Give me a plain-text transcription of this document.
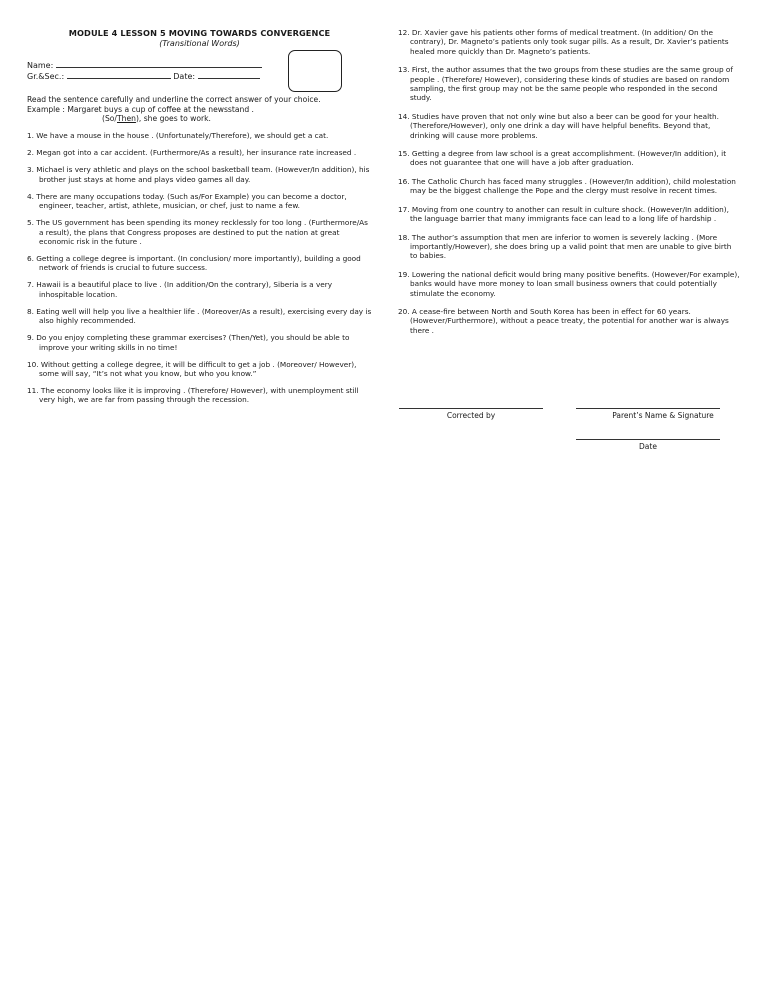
MODULE 4 LESSON 5 MOVING TOWARDS CONVERGENCE
(Transitional Words)
Name:
Gr.&Sec.:	Date:
Read the sentence carefully and underline the correct answer of your choice.
Example : Margaret buys a cup of coffee at the newsstand .
(So/Then), she goes to work.

1. We have a mouse in the house . (Unfortunately/Therefore), we should get a cat.

2. Megan got into a car accident. (Furthermore/As a result), her insurance rate increased .

3. Michael is very athletic and plays on the school basketball team. (However/In addition), his brother just stays at home and plays video games all day.

4. There are many occupations today. (Such as/For Example) you can become a doctor, engineer, teacher, artist, athlete, musician, or chef, just to name a few.

5. The US government has been spending its money recklessly for too long . (Furthermore/As a result), the plans that Congress proposes are destined to put the nation at great economic risk in the future .

6. Getting a college degree is important. (In conclusion/ more importantly), building a good network of friends is crucial to future success.

7. Hawaii is a beautiful place to live . (In addition/On the contrary), Siberia is a very inhospitable location.

8. Eating well will help you live a healthier life . (Moreover/As a result), exercising every day is also highly recommended.

9. Do you enjoy completing these grammar exercises? (Then/Yet), you should be able to improve your writing skills in no time!

10. Without getting a college degree, it will be difficult to get a job . (Moreover/ However), some will say, “It’s not what you know, but who you know.”

11. The economy looks like it is improving . (Therefore/ However), with unemployment still very high, we are far from passing through the recession.

12. Dr. Xavier gave his patients other forms of medical treatment. (In addition/ On the contrary), Dr. Magneto’s patients only took sugar pills. As a result, Dr. Xavier’s patients healed more quickly than Dr. Magneto’s patients.

13. First, the author assumes that the two groups from these studies are the same group of people . (Therefore/ However), considering these kinds of studies are based on random sampling, the first group may not be the same people who responded in the second study.

14. Studies have proven that not only wine but also a beer can be good for your health. (Therefore/However), only one drink a day will have helpful benefits. Beyond that, drinking will cause more problems.

15. Getting a degree from law school is a great accomplishment. (However/In addition), it does not guarantee that one will have a job after graduation.

16. The Catholic Church has faced many struggles . (However/In addition), child molestation may be the biggest challenge the Pope and the clergy must resolve in recent times.

17. Moving from one country to another can result in culture shock. (However/In addition), the language barrier that many immigrants face can lead to a long life of hardship .

18. The author’s assumption that men are inferior to women is severely lacking . (More importantly/However), she does bring up a valid point that men are unable to give birth to babies.

19. Lowering the national deficit would bring many positive benefits. (However/For example), banks would have more money to loan small business owners that could potentially stimulate the economy.

20. A cease-fire between North and South Korea has been in effect for 60 years. (However/Furthermore), without a peace treaty, the potential for another war is always there .

Corrected by	Parent’s Name & Signature
Date
